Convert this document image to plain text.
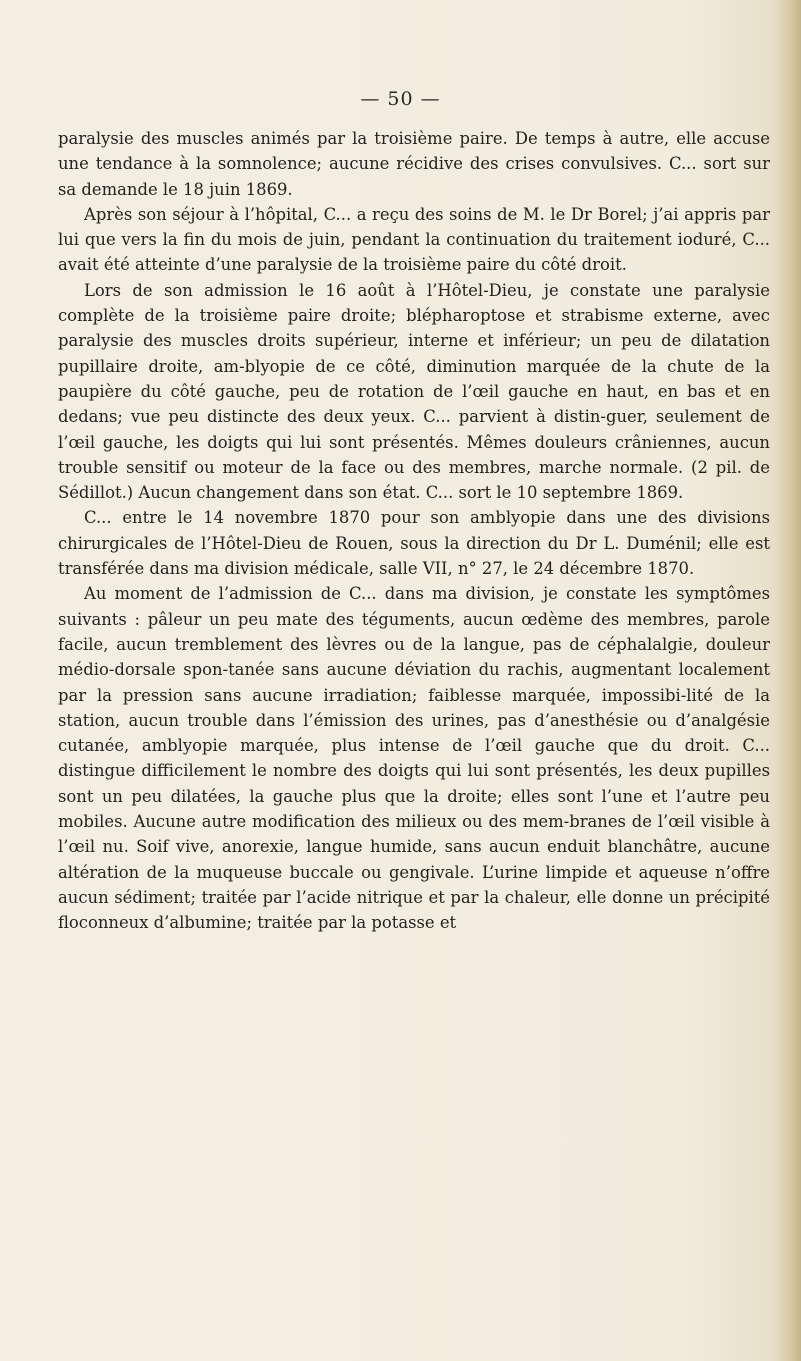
— 50 —

paralysie des muscles animés par la troisième paire. De temps à autre, elle accuse une tendance à la somnolence; aucune récidive des crises convulsives. C... sort sur sa demande le 18 juin 1869.

Après son séjour à l’hôpital, C... a reçu des soins de M. le Dr Borel; j’ai appris par lui que vers la fin du mois de juin, pendant la continuation du traitement ioduré, C... avait été atteinte d’une paralysie de la troisième paire du côté droit.

Lors de son admission le 16 août à l’Hôtel-Dieu, je constate une paralysie complète de la troisième paire droite; blépharoptose et strabisme externe, avec paralysie des muscles droits supérieur, interne et inférieur; un peu de dilatation pupillaire droite, am-blyopie de ce côté, diminution marquée de la chute de la paupière du côté gauche, peu de rotation de l’œil gauche en haut, en bas et en dedans; vue peu distincte des deux yeux. C... parvient à distin-guer, seulement de l’œil gauche, les doigts qui lui sont présentés. Mêmes douleurs crâniennes, aucun trouble sensitif ou moteur de la face ou des membres, marche normale. (2 pil. de Sédillot.) Aucun changement dans son état. C... sort le 10 septembre 1869.

C... entre le 14 novembre 1870 pour son amblyopie dans une des divisions chirurgicales de l’Hôtel-Dieu de Rouen, sous la direction du Dr L. Duménil; elle est transférée dans ma division médicale, salle VII, n° 27, le 24 décembre 1870.

Au moment de l’admission de C... dans ma division, je constate les symptômes suivants : pâleur un peu mate des téguments, aucun œdème des membres, parole facile, aucun tremblement des lèvres ou de la langue, pas de céphalalgie, douleur médio-dorsale spon-tanée sans aucune déviation du rachis, augmentant localement par la pression sans aucune irradiation; faiblesse marquée, impossibi-lité de la station, aucun trouble dans l’émission des urines, pas d’anesthésie ou d’analgésie cutanée, amblyopie marquée, plus intense de l’œil gauche que du droit. C... distingue difficilement le nombre des doigts qui lui sont présentés, les deux pupilles sont un peu dilatées, la gauche plus que la droite; elles sont l’une et l’autre peu mobiles. Aucune autre modification des milieux ou des mem-branes de l’œil visible à l’œil nu. Soif vive, anorexie, langue humide, sans aucun enduit blanchâtre, aucune altération de la muqueuse buccale ou gengivale. L’urine limpide et aqueuse n’offre aucun sédiment; traitée par l’acide nitrique et par la chaleur, elle donne un précipité floconneux d’albumine; traitée par la potasse et
